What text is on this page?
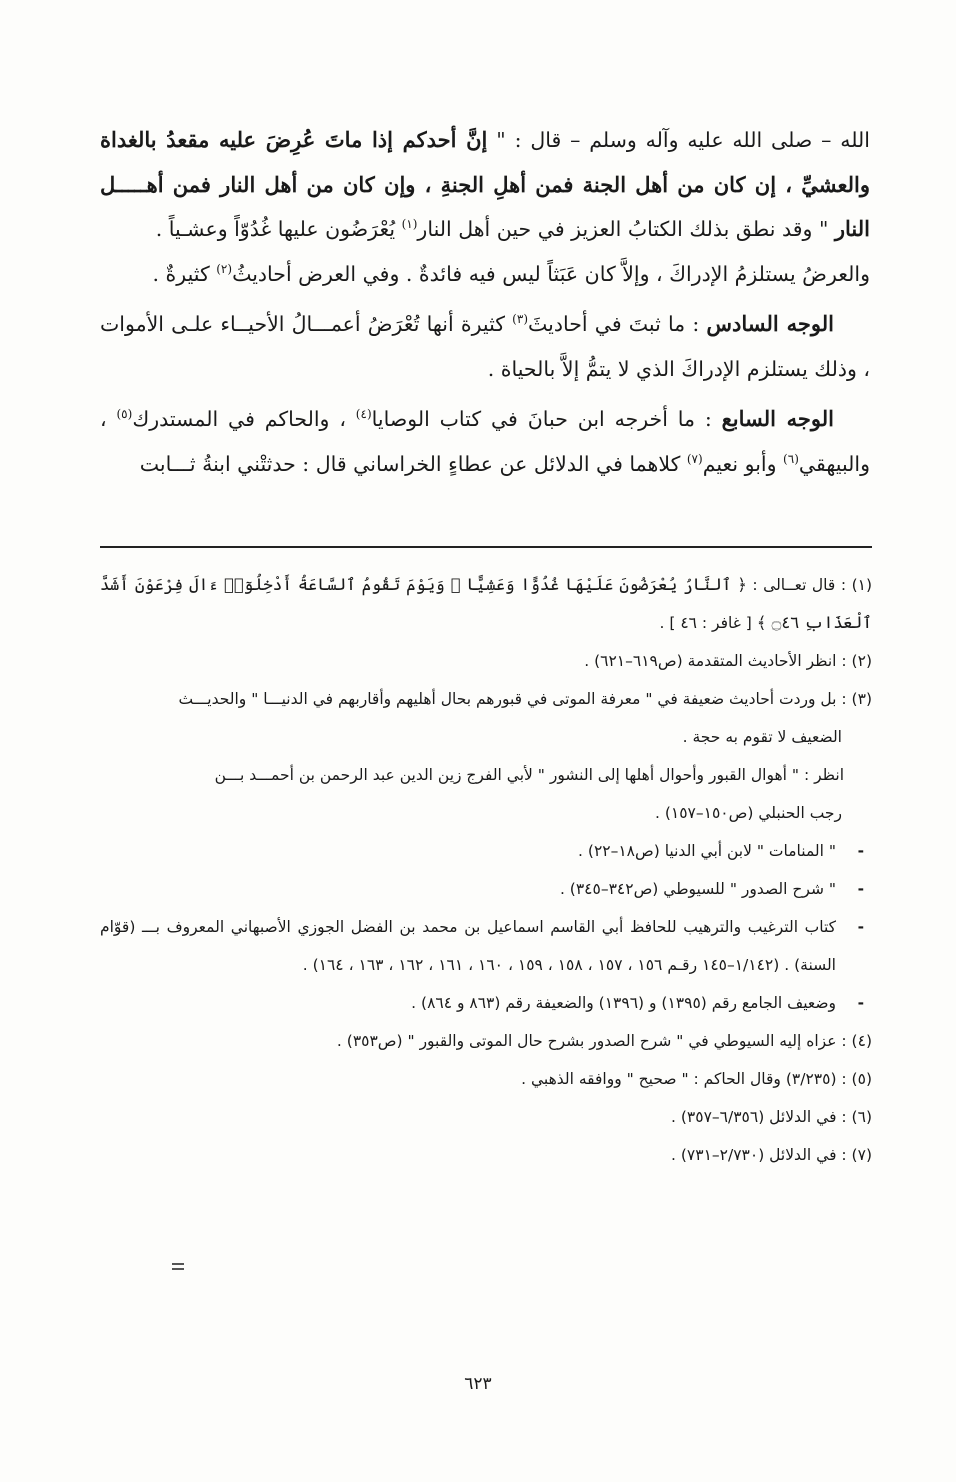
الله – صلى الله عليه وآله وسلم – قال : " إنَّ أحدكم إذا ماتَ عُرِضَ عليه مقعدُ بالغداة والعشيِّ ، إن كان من أهل الجنة فمن أهلِ الجنةِ ، وإن كان من أهل النار فمن أهـــــل النار " وقد نطق بذلك الكتابُ العزيز في حين أهل النار$^{(١)}$ يُعْرَضُون عليها غُدُوّاً وعشـياً .

والعرضُ يستلزمُ الإدراكَ ، وإلاَّ كان عَبَثاً ليس فيه فائدةٌ . وفي العرض أحاديثُ$^{(٢)}$ كثيرةٌ .

الوجه السادس : ما ثبتَ في أحاديثَ$^{(٣)}$ كثيرة أنها تُعْرَضُ أعمـــالُ الأحيــاء علـى الأموات ، وذلك يستلزم الإدراكَ الذي لا يتمُّ إلاَّ بالحياة .

الوجه السابع : ما أخرجه ابن حبانَ في كتاب الوصايا$^{(٤)}$ ، والحاكم في المستدرك$^{(٥)}$ ، والبيهقي$^{(٦)}$ وأبو نعيم$^{(٧)}$ كلاهما في الدلائل عن عطاءٍ الخراساني قال : حدثتْني ابنةُ ثـــابت

(١) : قال تعــالى : ﴿ ٱلنَّارُ يُعْرَضُونَ عَلَيْهَا غُدُوًّا وَعَشِيًّا ۖ وَيَوْمَ تَقُومُ ٱلسَّاعَةُ أَدْخِلُوٓا۟ ءَالَ فِرْعَوْنَ أَشَدَّ ٱلْعَذَابِ ۝٤٦ ﴾ [ غافر : ٤٦ ] .

(٢) : انظر الأحاديث المتقدمة (ص٦١٩–٦٢١) .

(٣) : بل وردت أحاديث ضعيفة في " معرفة الموتى في قبورهم بحال أهليهم وأقاربهم في الدنيـــا " والحديـــث

الضعيف لا تقوم به حجة .

انظر : " أهوال القبور وأحوال أهلها إلى النشور " لأبي الفرج زين الدين عبد الرحمن بن أحمـــد بـــن

رجب الحنبلي (ص١٥٠–١٥٧) .

- " المنامات " لابن أبي الدنيا (ص١٨–٢٢) .

- " شرح الصدور " للسيوطي (ص٣٤٢–٣٤٥) .

- كتاب الترغيب والترهيب للحافظ أبي القاسم اسماعيل بن محمد بن الفضل الجوزي الأصبهاني المعروف بـــ (قوّام السنة) . (١/١٤٢–١٤٥ رقـم ١٥٦ ، ١٥٧ ، ١٥٨ ، ١٥٩ ، ١٦٠ ، ١٦١ ، ١٦٢ ، ١٦٣ ، ١٦٤) .

- وضعيف الجامع رقم (١٣٩٥) و (١٣٩٦) والضعيفة رقم (٨٦٣ و ٨٦٤) .

(٤) : عزاه إليه السيوطي في " شرح الصدور بشرح حال الموتى والقبور " (ص٣٥٣) .

(٥) : (٣/٢٣٥) وقال الحاكم : " صحيح " ووافقه الذهبي .

(٦) : في الدلائل (٦/٣٥٦–٣٥٧) .

(٧) : في الدلائل (٢/٧٣٠–٧٣١) .

٦٢٣
